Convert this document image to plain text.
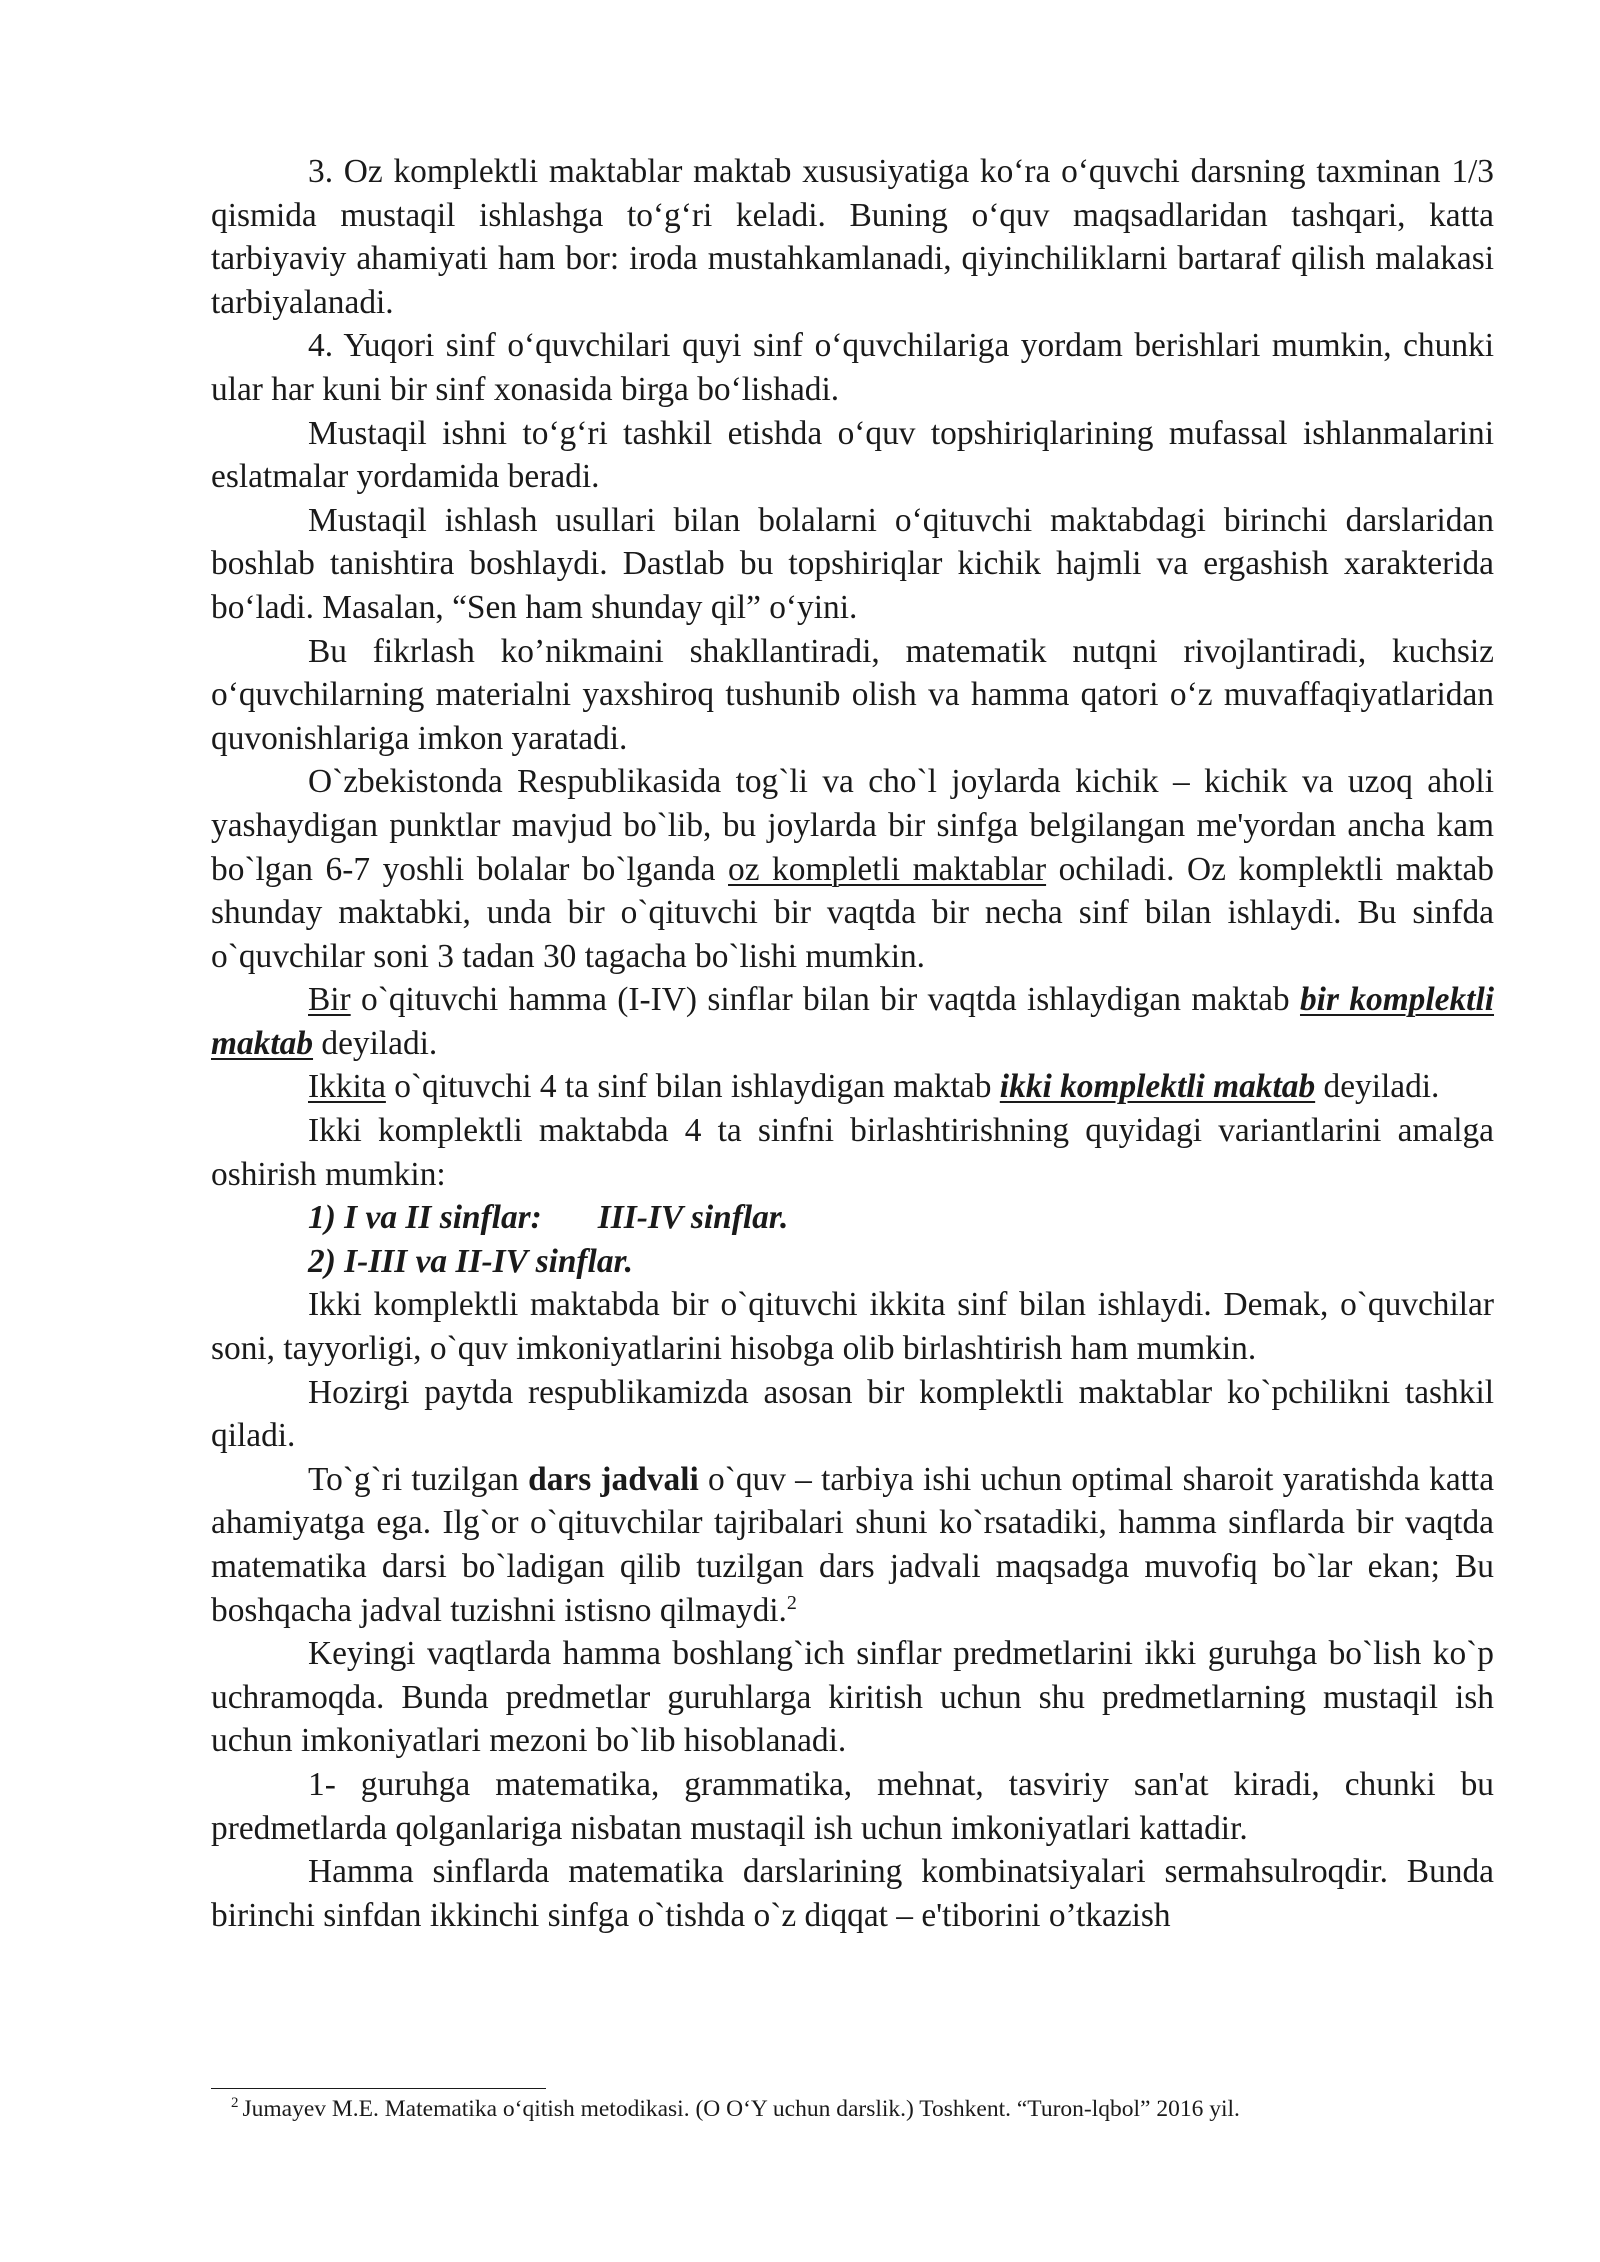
3. Oz komplektli maktablar maktab xususiyatiga ko‘ra o‘quvchi darsning taxminan 1/3 qismida mustaqil ishlashga to‘g‘ri keladi. Buning o‘quv maqsadlaridan tashqari, katta tarbiyaviy ahamiyati ham bor: iroda mustahkamlanadi, qiyinchiliklarni bartaraf qilish malakasi tarbiyalanadi.

4. Yuqori sinf o‘quvchilari quyi sinf o‘quvchilariga yordam berishlari mumkin, chunki ular har kuni bir sinf xonasida birga bo‘lishadi.

Mustaqil ishni to‘g‘ri tashkil etishda o‘quv topshiriqlarining mufassal ishlanmalarini eslatmalar yordamida beradi.

Mustaqil ishlash usullari bilan bolalarni o‘qituvchi maktabdagi birinchi darslaridan boshlab tanishtira boshlaydi. Dastlab bu topshiriqlar kichik hajmli va ergashish xarakterida bo‘ladi. Masalan, “Sen ham shunday qil” o‘yini.

Bu fikrlash ko’nikmaini shakllantiradi, matematik nutqni rivojlantiradi, kuchsiz o‘quvchilarning materialni yaxshiroq tushunib olish va hamma qatori o‘z muvaffaqiyatlaridan quvonishlariga imkon yaratadi.

O`zbekistonda Respublikasida tog`li va cho`l joylarda kichik – kichik va uzoq aholi yashaydigan punktlar mavjud bo`lib, bu joylarda bir sinfga belgilangan me'yordan ancha kam bo`lgan 6-7 yoshli bolalar bo`lganda oz kompletli maktablar ochiladi. Oz komplektli maktab shunday maktabki, unda bir o`qituvchi bir vaqtda bir necha sinf bilan ishlaydi. Bu sinfda o`quvchilar soni 3 tadan 30 tagacha bo`lishi mumkin.

Bir o`qituvchi hamma (I-IV) sinflar bilan bir vaqtda ishlaydigan maktab bir komplektli maktab deyiladi.

Ikkita o`qituvchi 4 ta sinf bilan ishlaydigan maktab ikki komplektli maktab deyiladi.

Ikki komplektli maktabda 4 ta sinfni birlashtirishning quyidagi variantlarini amalga oshirish mumkin:

1) I va II sinflar: III-IV sinflar.

2) I-III va II-IV sinflar.

Ikki komplektli maktabda bir o`qituvchi ikkita sinf bilan ishlaydi. Demak, o`quvchilar soni, tayyorligi, o`quv imkoniyatlarini hisobga olib birlashtirish ham mumkin.

Hozirgi paytda respublikamizda asosan bir komplektli maktablar ko`pchilikni tashkil qiladi.

To`g`ri tuzilgan dars jadvali o`quv – tarbiya ishi uchun optimal sharoit yaratishda katta ahamiyatga ega. Ilg`or o`qituvchilar tajribalari shuni ko`rsatadiki, hamma sinflarda bir vaqtda matematika darsi bo`ladigan qilib tuzilgan dars jadvali maqsadga muvofiq bo`lar ekan; Bu boshqacha jadval tuzishni istisno qilmaydi.$^2$

Keyingi vaqtlarda hamma boshlang`ich sinflar predmetlarini ikki guruhga bo`lish ko`p uchramoqda. Bunda predmetlar guruhlarga kiritish uchun shu predmetlarning mustaqil ish uchun imkoniyatlari mezoni bo`lib hisoblanadi.

1- guruhga matematika, grammatika, mehnat, tasviriy san'at kiradi, chunki bu predmetlarda qolganlariga nisbatan mustaqil ish uchun imkoniyatlari kattadir.

Hamma sinflarda matematika darslarining kombinatsiyalari sermahsulroqdir. Bunda birinchi sinfdan ikkinchi sinfga o`tishda o`z diqqat – e'tiborini o’tkazish

$^2$ Jumayev M.E. Matematika o‘qitish metodikasi. (O O‘Y uchun darslik.) Toshkent. “Turon-lqbol” 2016 yil.
